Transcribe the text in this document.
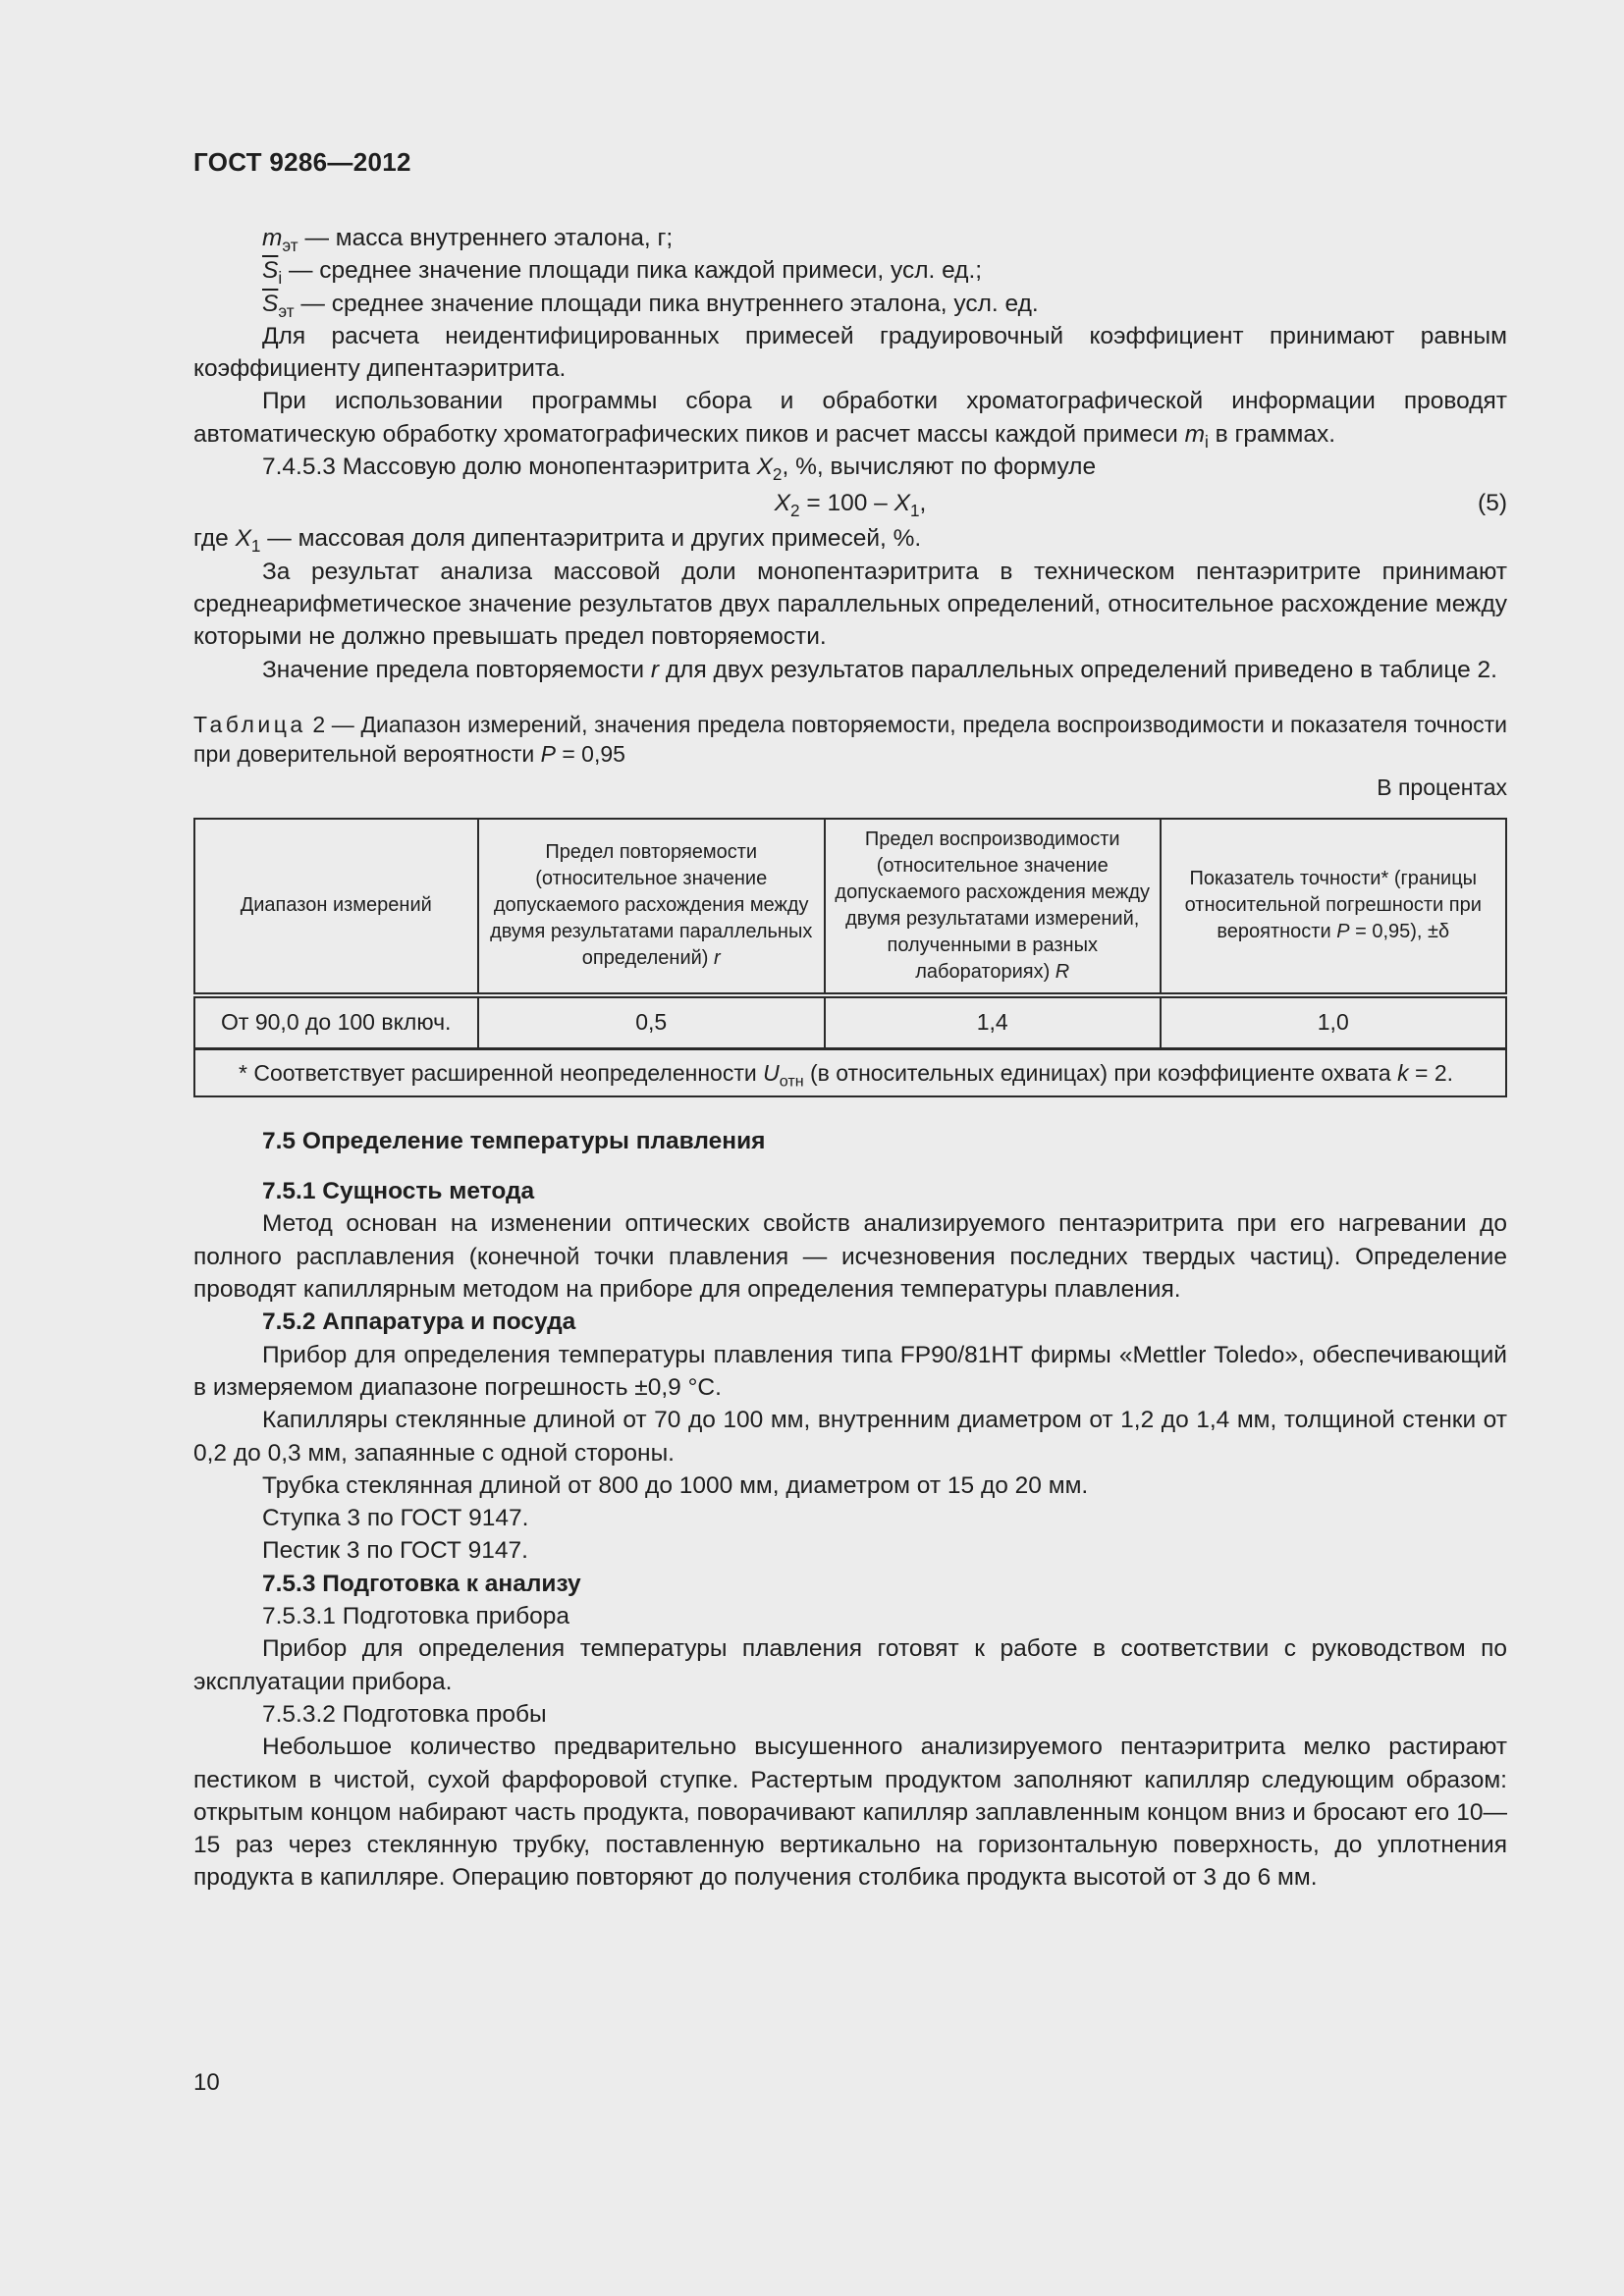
ГОСТ 9286—2012
$m_{эт}$ — масса внутреннего эталона, г;
$\overline{S}_i$ — среднее значение площади пика каждой примеси, усл. ед.;
$\overline{S}_{эт}$ — среднее значение площади пика внутреннего эталона, усл. ед.
Для расчета неидентифицированных примесей градуировочный коэффициент принимают равным коэффициенту дипентаэритрита.
При использовании программы сбора и обработки хроматографической информации проводят автоматическую обработку хроматографических пиков и расчет массы каждой примеси $m_i$ в граммах.
7.4.5.3 Массовую долю монопентаэритрита $X_2$, %, вычисляют по формуле
$X_2 = 100 - X_1$,	(5)
где $X_1$ — массовая доля дипентаэритрита и других примесей, %.
За результат анализа массовой доли монопентаэритрита в техническом пентаэритрите принимают среднеарифметическое значение результатов двух параллельных определений, относительное расхождение между которыми не должно превышать предел повторяемости.
Значение предела повторяемости r для двух результатов параллельных определений приведено в таблице 2.
Таблица 2 — Диапазон измерений, значения предела повторяемости, предела воспроизводимости и показателя точности при доверительной вероятности P = 0,95
В процентах
Диапазон измерений	Предел повторяемости (относительное значение допускаемого расхождения между двумя результатами параллельных определений) r	Предел воспроизводимости (относительное значение допускаемого расхождения между двумя результатами измерений, полученными в разных лабораториях) R	Показатель точности* (границы относительной погрешности при вероятности P = 0,95), ±δ
От 90,0 до 100 включ.	0,5	1,4	1,0
* Соответствует расширенной неопределенности $U_{отн}$ (в относительных единицах) при коэффициенте охвата k = 2.			
7.5 Определение температуры плавления
7.5.1 Сущность метода
Метод основан на изменении оптических свойств анализируемого пентаэритрита при его нагревании до полного расплавления (конечной точки плавления — исчезновения последних твердых частиц). Определение проводят капиллярным методом на приборе для определения температуры плавления.
7.5.2 Аппаратура и посуда
Прибор для определения температуры плавления типа FP90/81HT фирмы «Mettler Toledo», обеспечивающий в измеряемом диапазоне погрешность ±0,9 °С.
Капилляры стеклянные длиной от 70 до 100 мм, внутренним диаметром от 1,2 до 1,4 мм, толщиной стенки от 0,2 до 0,3 мм, запаянные с одной стороны.
Трубка стеклянная длиной от 800 до 1000 мм, диаметром от 15 до 20 мм.
Ступка 3 по ГОСТ 9147.
Пестик 3 по ГОСТ 9147.
7.5.3 Подготовка к анализу
7.5.3.1 Подготовка прибора
Прибор для определения температуры плавления готовят к работе в соответствии с руководством по эксплуатации прибора.
7.5.3.2 Подготовка пробы
Небольшое количество предварительно высушенного анализируемого пентаэритрита мелко растирают пестиком в чистой, сухой фарфоровой ступке. Растертым продуктом заполняют капилляр следующим образом: открытым концом набирают часть продукта, поворачивают капилляр заплавленным концом вниз и бросают его 10—15 раз через стеклянную трубку, поставленную вертикально на горизонтальную поверхность, до уплотнения продукта в капилляре. Операцию повторяют до получения столбика продукта высотой от 3 до 6 мм.
10
